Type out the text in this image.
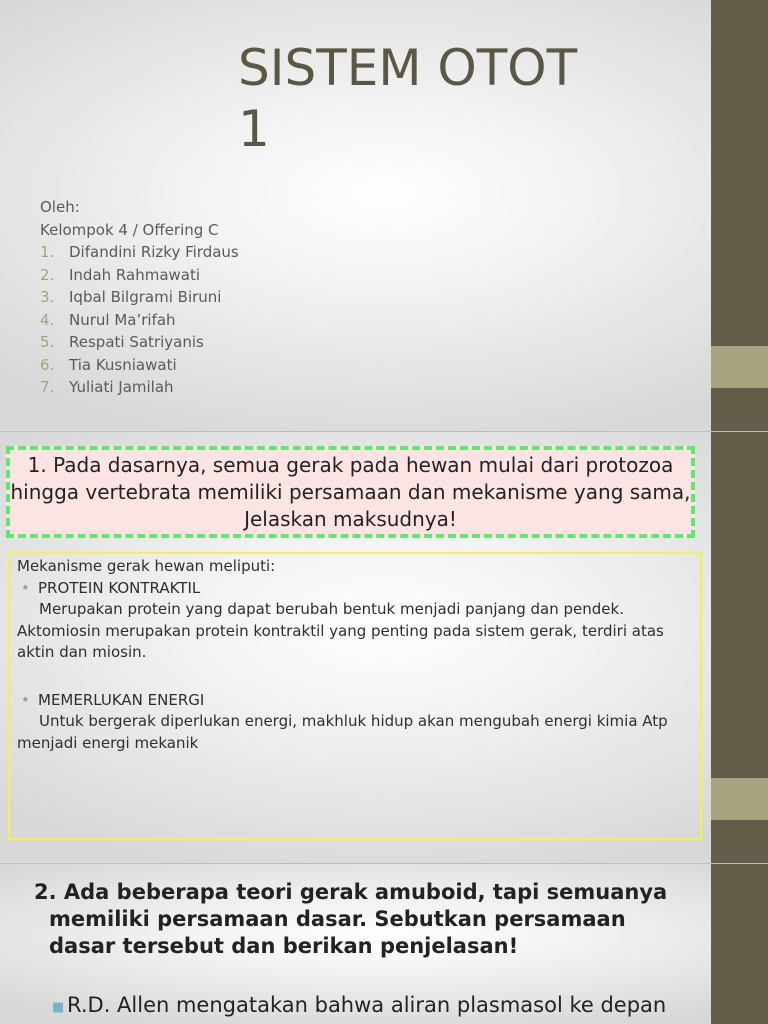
SISTEM OTOT
1
Oleh:
Kelompok 4 / Offering C
1. Difandini Rizky Firdaus
2. Indah Rahmawati
3. Iqbal Bilgrami Biruni
4. Nurul Ma’rifah
5. Respati Satriyanis
6. Tia Kusniawati
7. Yuliati Jamilah
1. Pada dasarnya, semua gerak pada hewan mulai dari protozoa hingga vertebrata memiliki persamaan dan mekanisme yang sama, Jelaskan maksudnya!

Mekanisme gerak hewan meliputi:

• PROTEIN KONTRAKTIL

Merupakan protein yang dapat berubah bentuk menjadi panjang dan pendek. Aktomiosin merupakan protein kontraktil yang penting pada sistem gerak, terdiri atas aktin dan miosin.

• MEMERLUKAN ENERGI

Untuk bergerak diperlukan energi, makhluk hidup akan mengubah energi kimia Atp menjadi energi mekanik

2. Ada beberapa teori gerak amuboid, tapi semuanya memiliki persamaan dasar. Sebutkan persamaan dasar tersebut dan berikan penjelasan!

■ R.D. Allen mengatakan bahwa aliran plasmasol ke depan
